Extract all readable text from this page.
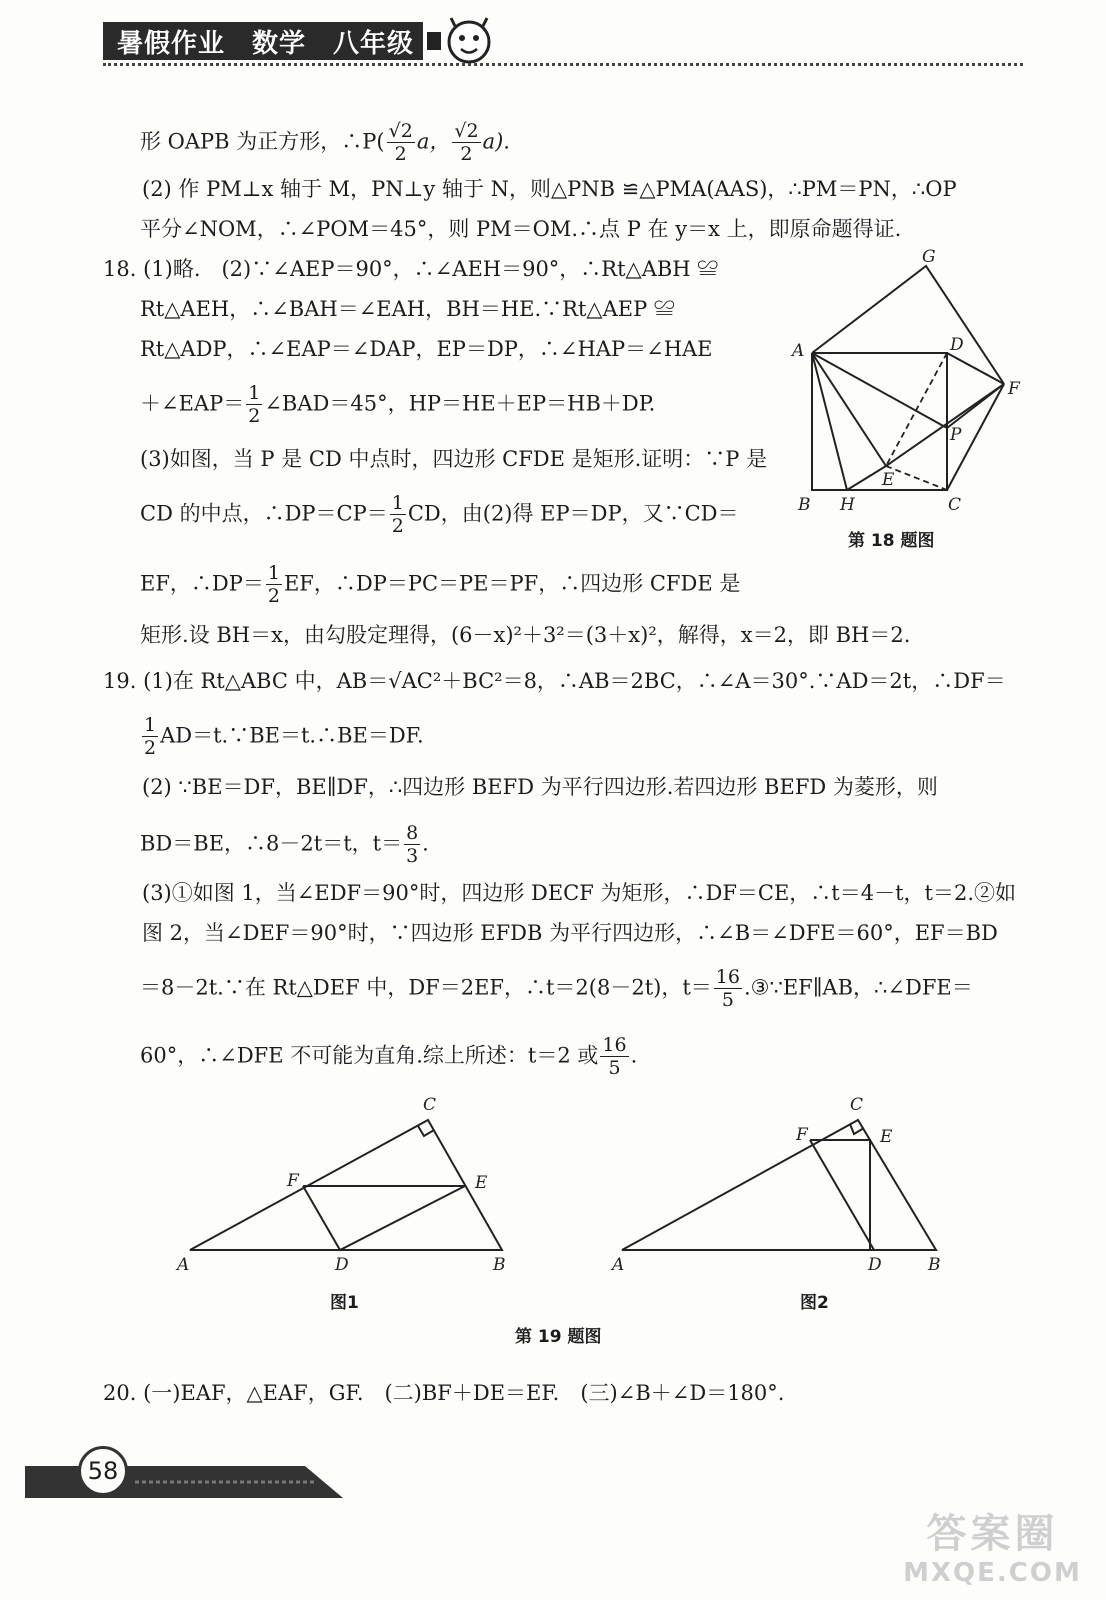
暑假作业　数学　八年级
形 OAPB 为正方形，∴P( $\frac{√2}{2}$ a， $\frac{√2}{2} a$).
(2) 作 PM⊥x 轴于 M，PN⊥y 轴于 N，则△PNB ≌△PMA(AAS)，∴PM＝PN，∴OP
平分∠NOM，∴∠POM＝45°，则 PM＝OM.∴点 P 在 y＝x 上，即原命题得证.
18. (1)略.　(2)∵∠AEP＝90°，∴∠AEH＝90°，∴Rt△ABH ≌
Rt△AEH，∴∠BAH＝∠EAH，BH＝HE.∵Rt△AEP ≌
Rt△ADP，∴∠EAP＝∠DAP，EP＝DP，∴∠HAP＝∠HAE
＋∠EAP＝ $\frac{1}{2}$ ∠BAD＝45°，HP＝HE＋EP＝HB＋DP.
(3)如图，当 P 是 CD 中点时，四边形 CFDE 是矩形.证明：∵P 是
CD 的中点，∴DP＝CP＝ $\frac{1}{2}$ CD，由(2)得 EP＝DP，又∵CD＝
EF，∴DP＝ $\frac{1}{2}$ EF，∴DP＝PC＝PE＝PF，∴四边形 CFDE 是
矩形.设 BH＝x，由勾股定理得，(6－x)²＋3²＝(3＋x)²，解得，x＝2，即 BH＝2.
G
A	D
F
P
E
B H	C
第 18 题图
19. (1)在 Rt△ABC 中，AB＝√AC²＋BC²＝8，∴AB＝2BC，∴∠A＝30°.∵AD＝2t，∴DF＝
$\frac{1}{2}$ AD＝t.∵BE＝t.∴BE＝DF.
(2) ∵BE＝DF，BE∥DF，∴四边形 BEFD 为平行四边形.若四边形 BEFD 为菱形，则
BD＝BE，∴8－2t＝t，$t= \frac{8}{3}$ .
(3)①如图 1，当∠EDF＝90°时，四边形 DECF 为矩形，∴DF＝CE，∴t＝4－t，t＝2.②如
图 2，当∠DEF＝90°时，∵四边形 EFDB 为平行四边形，∴∠B＝∠DFE＝60°，EF＝BD
＝8－2t.∵在 Rt△DEF 中，DF＝2EF，∴t＝2(8－2t)，$t= \frac{16}{5}$ .③∵EF∥AB，∴∠DFE＝
60°，∴∠DFE 不可能为直角.综上所述：t＝2 或 $\frac{16}{5}$ .
C
F	E
A	D	B
图1
C
F	E
A	D	B
图2
第 19 题图
20. (一)EAF，△EAF，GF.　(二)BF＋DE＝EF.　(三)∠B＋∠D＝180°.
58
答案圈
MXQE.COM
